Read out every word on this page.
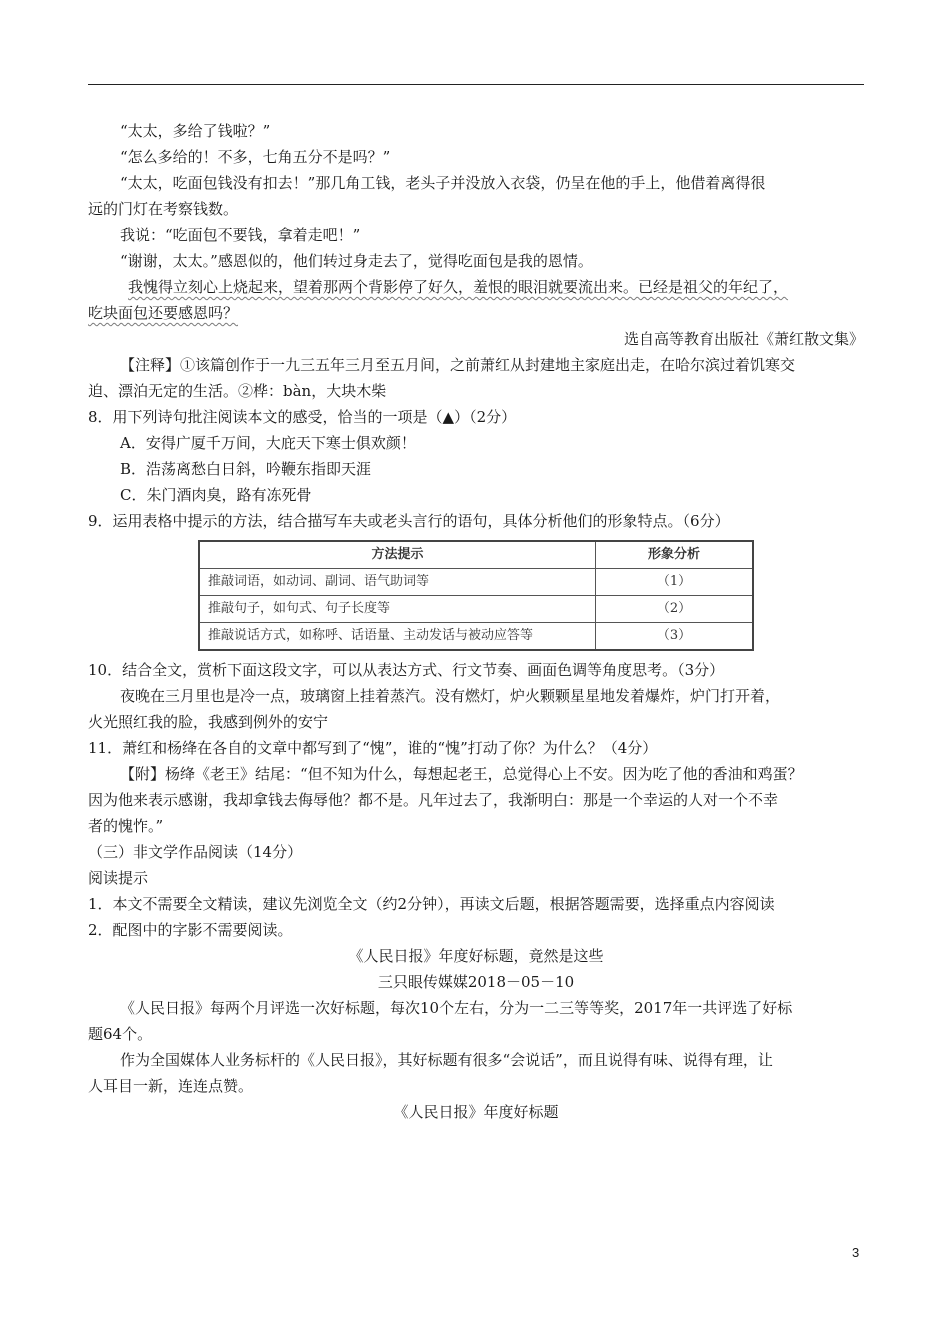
“太太，多给了钱啦？”
“怎么多给的！不多，七角五分不是吗？”
“太太，吃面包钱没有扣去！”那几角工钱，老头子并没放入衣袋，仍呈在他的手上，他借着离得很
远的门灯在考察钱数。
我说：“吃面包不要钱，拿着走吧！”
“谢谢，太太。”感恩似的，他们转过身走去了，觉得吃面包是我的恩情。
我愧得立刻心上烧起来，望着那两个背影停了好久，羞恨的眼泪就要流出来。已经是祖父的年纪了，
吃块面包还要感恩吗？
选自高等教育出版社《萧红散文集》
【注释】①该篇创作于一九三五年三月至五月间，之前萧红从封建地主家庭出走，在哈尔滨过着饥寒交
迫、漂泊无定的生活。②桦：bàn，大块木柴
8．用下列诗句批注阅读本文的感受，恰当的一项是（▲）（2分）
A．安得广厦千万间，大庇天下寒士俱欢颜！
B．浩荡离愁白日斜，吟鞭东指即天涯
C．朱门酒肉臭，路有冻死骨
9．运用表格中提示的方法，结合描写车夫或老头言行的语句，具体分析他们的形象特点。（6分）
方法提示	形象分析
推敲词语，如动词、副词、语气助词等	（1）
推敲句子，如句式、句子长度等	（2）
推敲说话方式，如称呼、话语量、主动发话与被动应答等	（3）
10．结合全文，赏析下面这段文字，可以从表达方式、行文节奏、画面色调等角度思考。（3分）
夜晚在三月里也是冷一点，玻璃窗上挂着蒸汽。没有燃灯，炉火颗颗星星地发着爆炸，炉门打开着，
火光照红我的脸，我感到例外的安宁
11．萧红和杨绛在各自的文章中都写到了“愧”，谁的“愧”打动了你？为什么？（4分）
【附】杨绛《老王》结尾：“但不知为什么，每想起老王，总觉得心上不安。因为吃了他的香油和鸡蛋？
因为他来表示感谢，我却拿钱去侮辱他？都不是。凡年过去了，我渐明白：那是一个幸运的人对一个不幸
者的愧怍。”
（三）非文学作品阅读（14分）
阅读提示
1．本文不需要全文精读，建议先浏览全文（约2分钟），再读文后题，根据答题需要，选择重点内容阅读
2．配图中的字影不需要阅读。
《人民日报》年度好标题，竟然是这些
三只眼传媒媒2018－05－10
《人民日报》每两个月评选一次好标题，每次10个左右，分为一二三等等奖，2017年一共评选了好标
题64个。
作为全国媒体人业务标杆的《人民日报》，其好标题有很多“会说话”，而且说得有味、说得有理，让
人耳目一新，连连点赞。
《人民日报》年度好标题
3
